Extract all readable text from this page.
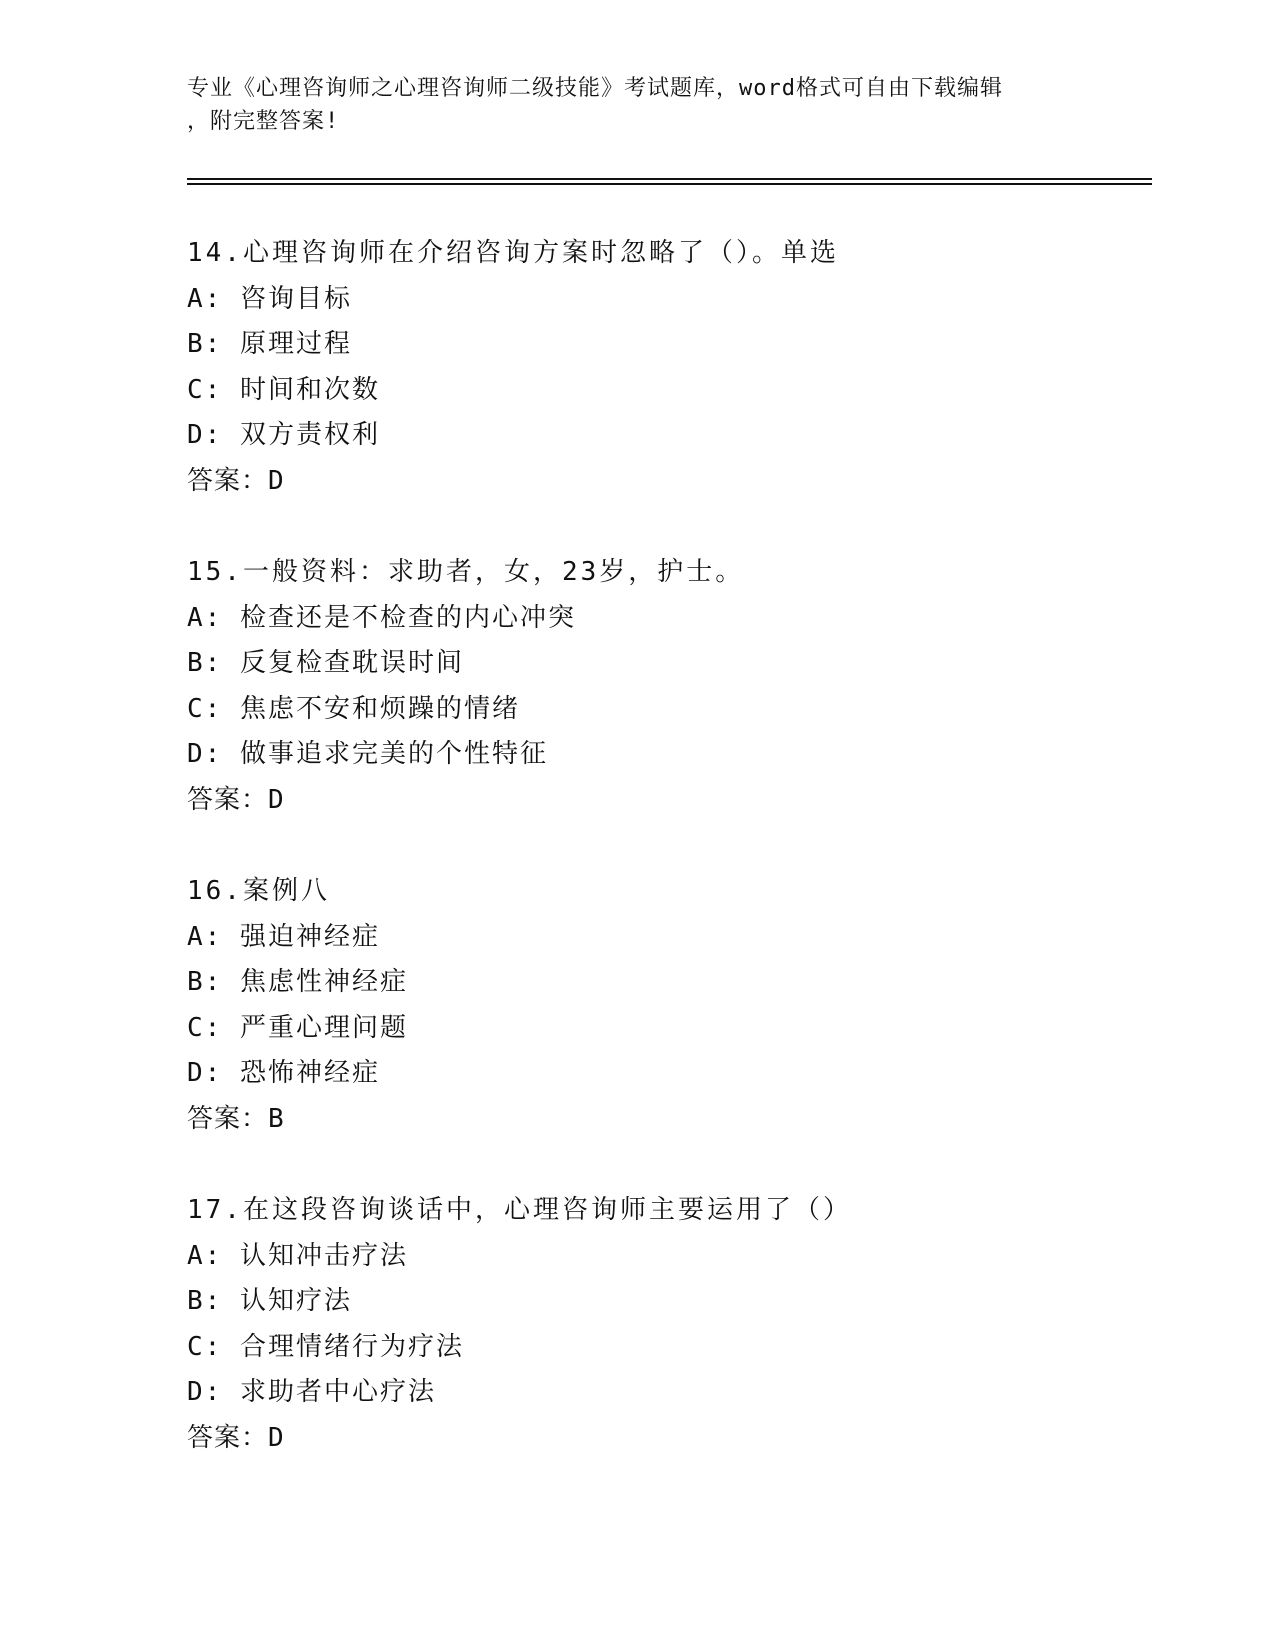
专业《心理咨询师之心理咨询师二级技能》考试题库，word格式可自由下载编辑
，附完整答案!
14.心理咨询师在介绍咨询方案时忽略了（）。单选
A: 咨询目标
B: 原理过程
C: 时间和次数
D: 双方责权利
答案：D
15.一般资料：求助者，女，23岁，护士。
A: 检查还是不检查的内心冲突
B: 反复检查耽误时间
C: 焦虑不安和烦躁的情绪
D: 做事追求完美的个性特征
答案：D
16.案例八
A: 强迫神经症
B: 焦虑性神经症
C: 严重心理问题
D: 恐怖神经症
答案：B
17.在这段咨询谈话中，心理咨询师主要运用了（）
A: 认知冲击疗法
B: 认知疗法
C: 合理情绪行为疗法
D: 求助者中心疗法
答案：D
